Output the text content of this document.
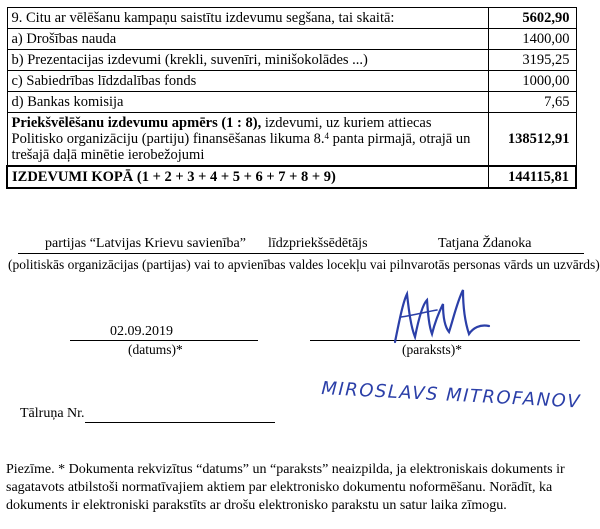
9. Citu ar vēlēšanu kampaņu saistītu izdevumu segšana, tai skaitā:	5602,90
a) Drošības nauda	1400,00
b) Prezentacijas izdevumi (krekli, suvenīri, minišokolādes ...)	3195,25
c) Sabiedrības līdzdalības fonds	1000,00
d) Bankas komisija	7,65
Priekšvēlēšanu izdevumu apmērs (1 : 8), izdevumi, uz kuriem attiecas Politisko organizāciju (partiju) finansēšanas likuma 8.$^4$ panta pirmajā, otrajā un trešajā daļā minētie ierobežojumi	138512,91
IZDEVUMI KOPĀ (1 + 2 + 3 + 4 + 5 + 6 + 7 + 8 + 9)	144115,81
partijas “Latvijas Krievu savienība” līdzpriekšsēdētājs	Tatjana Ždanoka
(politiskās organizācijas (partijas) vai to apvienības valdes locekļu vai pilnvarotās personas vārds un uzvārds)
02.09.2019
(datums)*	(paraksts)*
MIROSLAVS MITROFANOV
Tālruņa Nr.
Piezīme. * Dokumenta rekvizītus “datums” un “paraksts” neaizpilda, ja elektroniskais dokuments ir sagatavots atbilstoši normatīvajiem aktiem par elektronisko dokumentu noformēšanu. Norādīt, ka dokuments ir elektroniski parakstīts ar drošu elektronisko parakstu un satur laika zīmogu.
